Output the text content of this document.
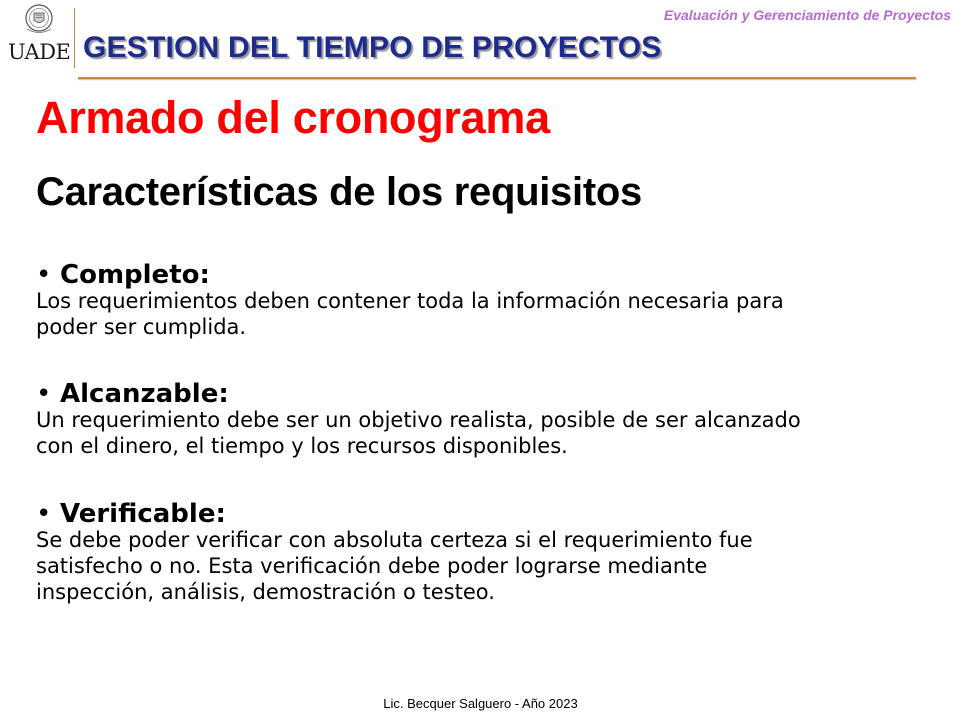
UADE
Evaluación y Gerenciamiento de Proyectos
GESTION DEL TIEMPO DE PROYECTOS
Armado del cronograma
Características de los requisitos
• Completo:
Los requerimientos deben contener toda la información necesaria para
poder ser cumplida.
• Alcanzable:
Un requerimiento debe ser un objetivo realista, posible de ser alcanzado
con el dinero, el tiempo y los recursos disponibles.
• Verificable:
Se debe poder verificar con absoluta certeza si el requerimiento fue
satisfecho o no. Esta verificación debe poder lograrse mediante
inspección, análisis, demostración o testeo.
Lic. Becquer Salguero - Año 2023
